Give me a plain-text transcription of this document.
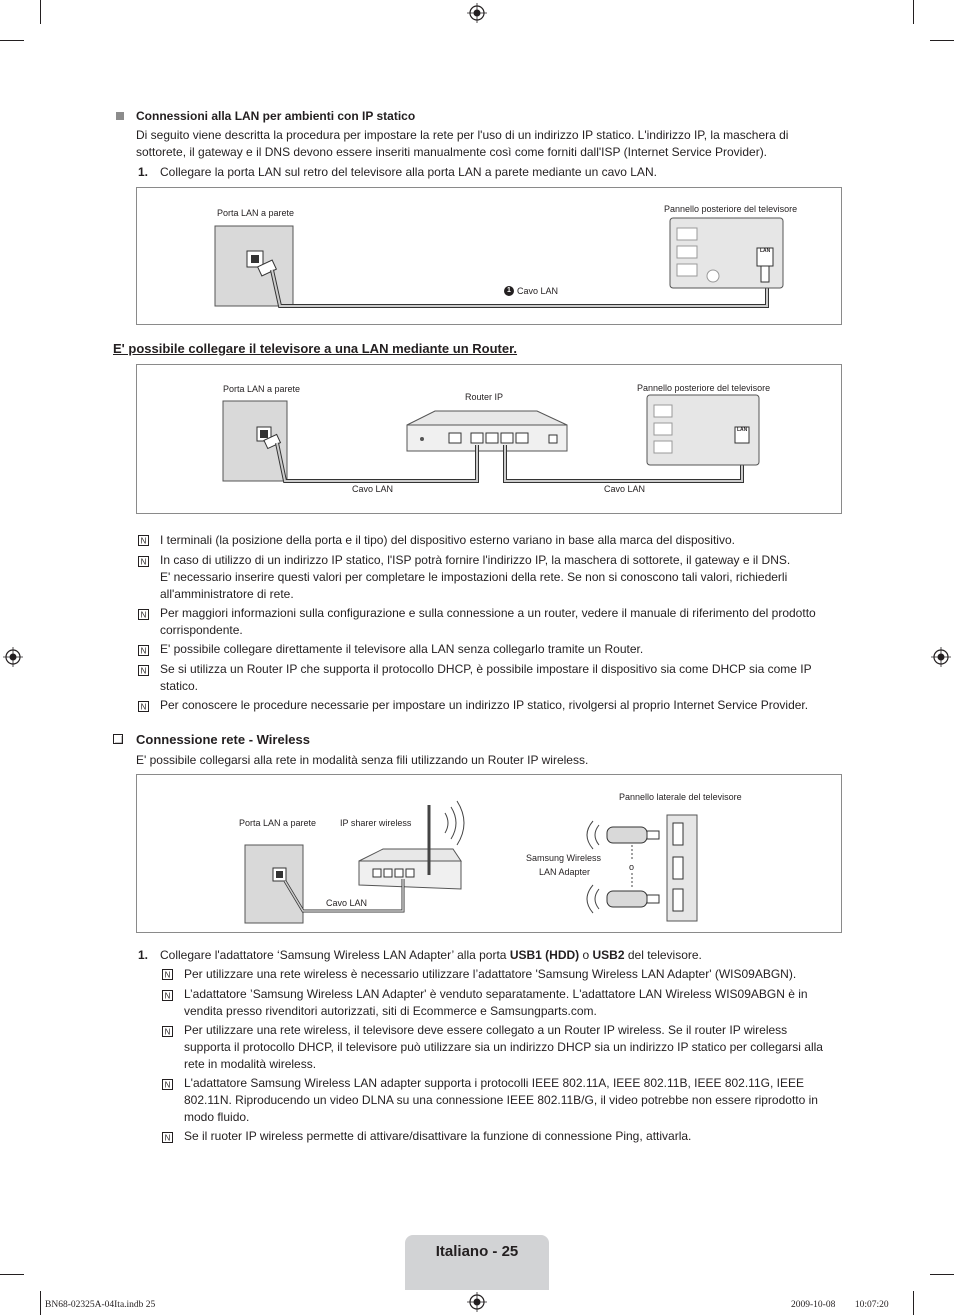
Connessioni alla LAN per ambienti con IP statico

Di seguito viene descritta la procedura per impostare la rete per l'uso di un indirizzo IP statico. L'indirizzo IP, la maschera di

sottorete, il gateway e il DNS devono essere inseriti manualmente così come forniti dall'ISP (Internet Service Provider).

1. Collegare la porta LAN sul retro del televisore alla porta LAN a parete mediante un cavo LAN.

Porta LAN a parete	Pannello posteriore del televisore
LAN
1 Cavo LAN

E' possibile collegare il televisore a una LAN mediante un Router.

Porta LAN a parete
Router IP
Pannello posteriore del televisore
LAN
Cavo LAN	Cavo LAN
N I terminali (la posizione della porta e il tipo) del dispositivo esterno variano in base alla marca del dispositivo.

N In caso di utilizzo di un indirizzo IP statico, l'ISP potrà fornire l'indirizzo IP, la maschera di sottorete, il gateway e il DNS.

E' necessario inserire questi valori per completare le impostazioni della rete. Se non si conoscono tali valori, richiederli

all'amministratore di rete.

N Per maggiori informazioni sulla configurazione e sulla connessione a un router, vedere il manuale di riferimento del prodotto

corrispondente.

N E' possibile collegare direttamente il televisore alla LAN senza collegarlo tramite un Router.

N Se si utilizza un Router IP che supporta il protocollo DHCP, è possibile impostare il dispositivo sia come DHCP sia come IP

statico.

N Per conoscere le procedure necessarie per impostare un indirizzo IP statico, rivolgersi al proprio Internet Service Provider.

Connessione rete - Wireless

E' possibile collegarsi alla rete in modalità senza fili utilizzando un Router IP wireless.

Porta LAN a parete	IP sharer wireless
Pannello laterale del televisore
Samsung Wireless
LAN Adapter	o
Cavo LAN

1. Collegare l'adattatore ‘Samsung Wireless LAN Adapter’ alla porta USB1 (HDD) o USB2 del televisore.

N Per utilizzare una rete wireless è necessario utilizzare l’adattatore 'Samsung Wireless LAN Adapter' (WIS09ABGN).

N L’adattatore ’Samsung Wireless LAN Adapter' è venduto separatamente. L'adattatore LAN Wireless WIS09ABGN è in

vendita presso rivenditori autorizzati, siti di Ecommerce e Samsungparts.com.

N Per utilizzare una rete wireless, il televisore deve essere collegato a un Router IP wireless. Se il router IP wireless

supporta il protocollo DHCP, il televisore può utilizzare sia un indirizzo DHCP sia un indirizzo IP statico per collegarsi alla

rete in modalità wireless.

N L'adattatore Samsung Wireless LAN adapter supporta i protocolli IEEE 802.11A, IEEE 802.11B, IEEE 802.11G, IEEE

802.11N. Riproducendo un video DLNA su una connessione IEEE 802.11B/G, il video potrebbe non essere riprodotto in

modo fluido.

N Se il ruoter IP wireless permette di attivare/disattivare la funzione di connessione Ping, attivarla.

Italiano - 25

BN68-02325A-04Ita.indb 25	2009-10-08 ￿￿ 10:07:20
